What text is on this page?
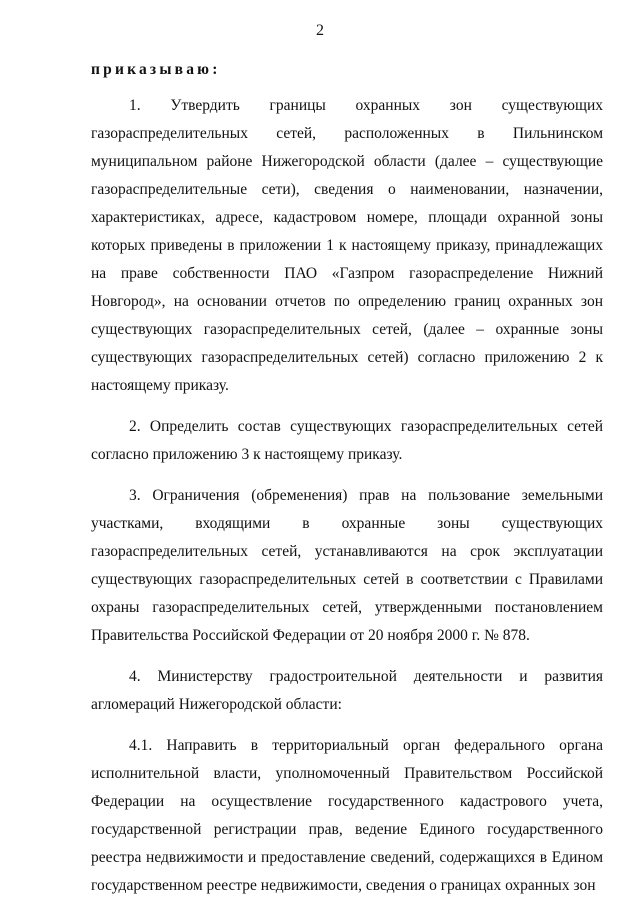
2
приказываю:

1. Утвердить границы охранных зон существующих газораспределительных сетей, расположенных в Пильнинском муниципальном районе Нижегородской области (далее – существующие газораспределительные сети), сведения о наименовании, назначении, характеристиках, адресе, кадастровом номере, площади охранной зоны которых приведены в приложении 1 к настоящему приказу, принадлежащих на праве собственности ПАО «Газпром газораспределение Нижний Новгород», на основании отчетов по определению границ охранных зон существующих газораспределительных сетей, (далее – охранные зоны существующих газораспределительных сетей) согласно приложению 2 к настоящему приказу.

2. Определить состав существующих газораспределительных сетей согласно приложению 3 к настоящему приказу.

3. Ограничения (обременения) прав на пользование земельными участками, входящими в охранные зоны существующих газораспределительных сетей, устанавливаются на срок эксплуатации существующих газораспределительных сетей в соответствии с Правилами охраны газораспределительных сетей, утвержденными постановлением Правительства Российской Федерации от 20 ноября 2000 г. № 878.

4. Министерству градостроительной деятельности и развития агломераций Нижегородской области:

4.1. Направить в территориальный орган федерального органа исполнительной власти, уполномоченный Правительством Российской Федерации на осуществление государственного кадастрового учета, государственной регистрации прав, ведение Единого государственного реестра недвижимости и предоставление сведений, содержащихся в Едином государственном реестре недвижимости, сведения о границах охранных зон
